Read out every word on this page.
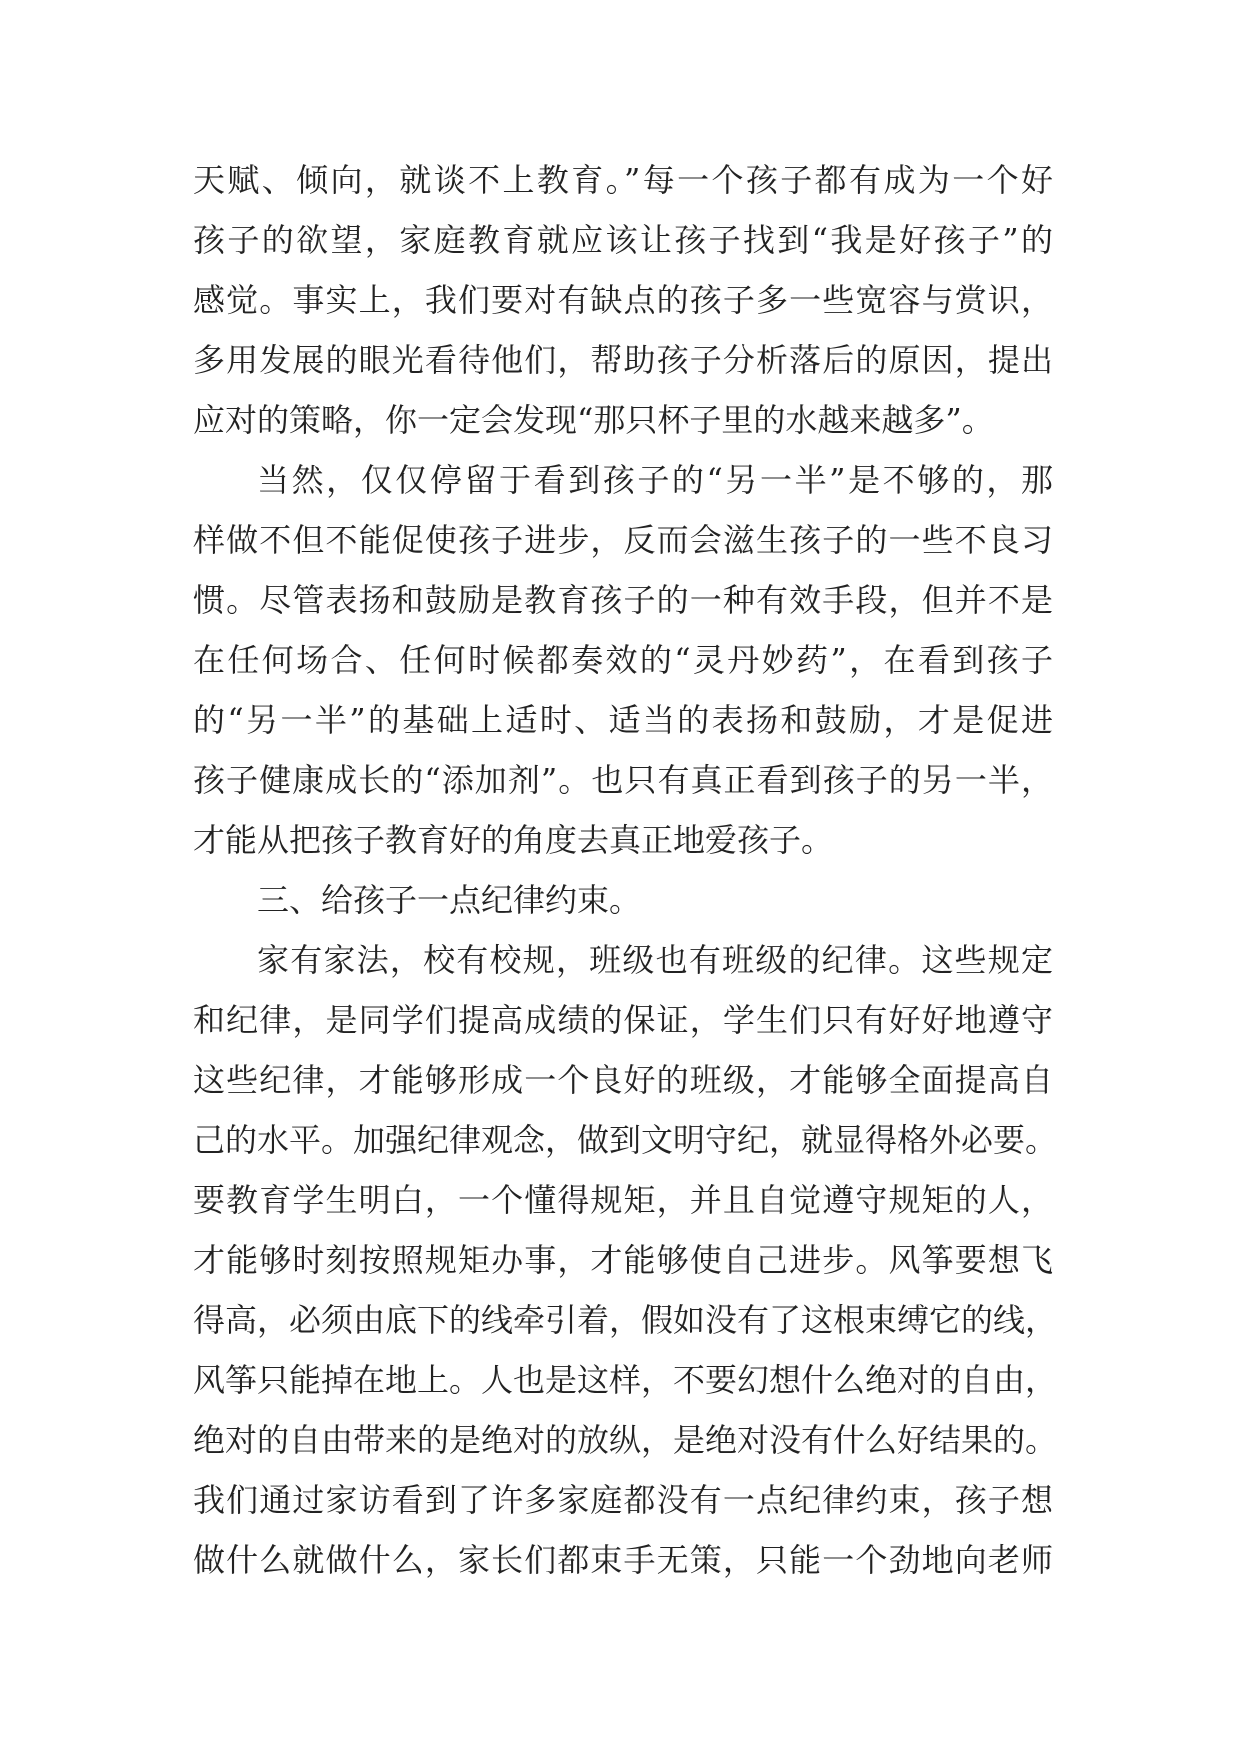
天赋、倾向，就谈不上教育。”每一个孩子都有成为一个好
孩子的欲望，家庭教育就应该让孩子找到“我是好孩子”的
感觉。事实上，我们要对有缺点的孩子多一些宽容与赏识，
多用发展的眼光看待他们，帮助孩子分析落后的原因，提出
应对的策略，你一定会发现“那只杯子里的水越来越多”。
当然，仅仅停留于看到孩子的“另一半”是不够的，那
样做不但不能促使孩子进步，反而会滋生孩子的一些不良习
惯。尽管表扬和鼓励是教育孩子的一种有效手段，但并不是
在任何场合、任何时候都奏效的“灵丹妙药”，在看到孩子
的“另一半”的基础上适时、适当的表扬和鼓励，才是促进
孩子健康成长的“添加剂”。也只有真正看到孩子的另一半，
才能从把孩子教育好的角度去真正地爱孩子。
三、给孩子一点纪律约束。
家有家法，校有校规，班级也有班级的纪律。这些规定
和纪律，是同学们提高成绩的保证，学生们只有好好地遵守
这些纪律，才能够形成一个良好的班级，才能够全面提高自
己的水平。加强纪律观念，做到文明守纪，就显得格外必要。
要教育学生明白，一个懂得规矩，并且自觉遵守规矩的人，
才能够时刻按照规矩办事，才能够使自己进步。风筝要想飞
得高，必须由底下的线牵引着，假如没有了这根束缚它的线，
风筝只能掉在地上。人也是这样，不要幻想什么绝对的自由，
绝对的自由带来的是绝对的放纵，是绝对没有什么好结果的。
我们通过家访看到了许多家庭都没有一点纪律约束，孩子想
做什么就做什么，家长们都束手无策，只能一个劲地向老师
